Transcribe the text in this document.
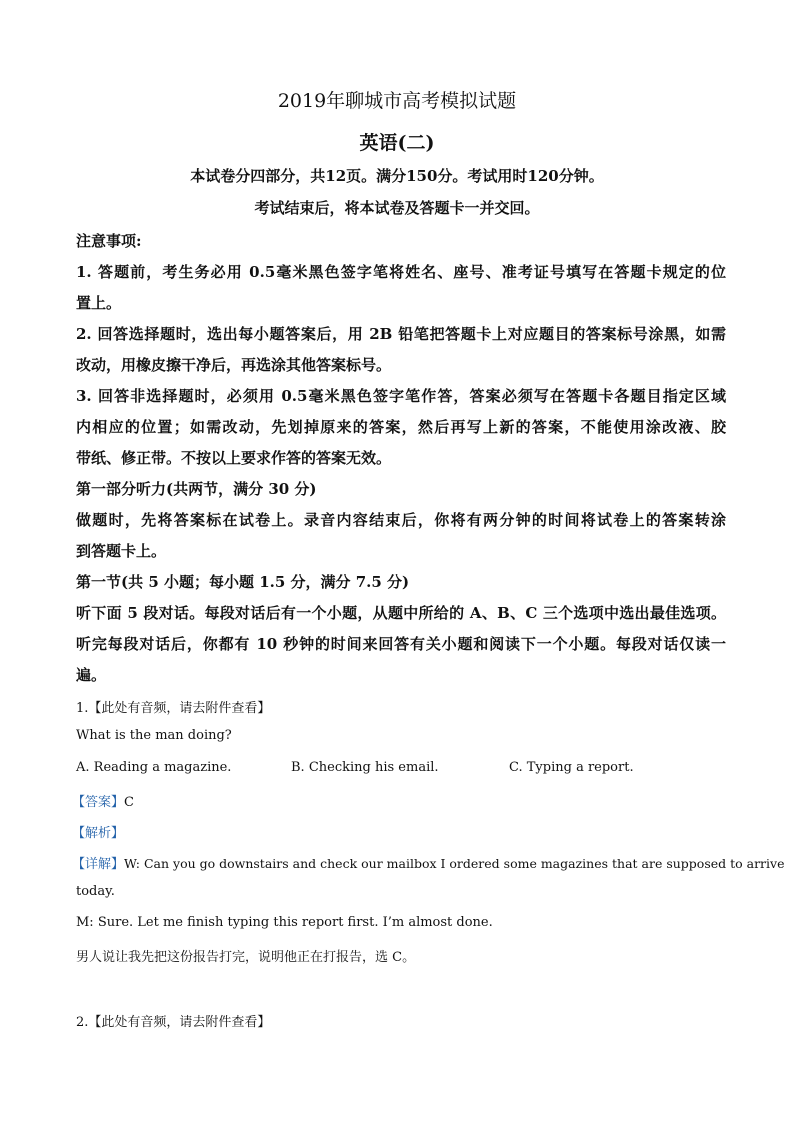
2019年聊城市高考模拟试题
英语(二)
本试卷分四部分，共12页。满分150分。考试用时120分钟。
考试结束后，将本试卷及答题卡一并交回。
注意事项:
1. 答题前，考生务必用 0.5毫米黑色签字笔将姓名、座号、准考证号填写在答题卡规定的位
置上。
2. 回答选择题时，选出每小题答案后，用 2B 铅笔把答题卡上对应题目的答案标号涂黑，如需
改动，用橡皮擦干净后，再选涂其他答案标号。
3. 回答非选择题时，必须用 0.5毫米黑色签字笔作答，答案必须写在答题卡各题目指定区域
内相应的位置；如需改动，先划掉原来的答案，然后再写上新的答案，不能使用涂改液、胶
带纸、修正带。不按以上要求作答的答案无效。
第一部分听力(共两节，满分 30 分)
做题时，先将答案标在试卷上。录音内容结束后，你将有两分钟的时间将试卷上的答案转涂
到答题卡上。
第一节(共 5 小题；每小题 1.5 分，满分 7.5 分)
听下面 5 段对话。每段对话后有一个小题，从题中所给的 A、B、C 三个选项中选出最佳选项。
听完每段对话后，你都有 10 秒钟的时间来回答有关小题和阅读下一个小题。每段对话仅读一
遍。
1.【此处有音频，请去附件查看】
What is the man doing?
A. Reading a magazine.	B. Checking his email.	C. Typing a report.
【答案】C
【解析】
【详解】W: Can you go downstairs and check our mailbox I ordered some magazines that are supposed to arrive
today.
M: Sure. Let me finish typing this report first. I’m almost done.
男人说让我先把这份报告打完，说明他正在打报告，选 C。
2.【此处有音频，请去附件查看】
